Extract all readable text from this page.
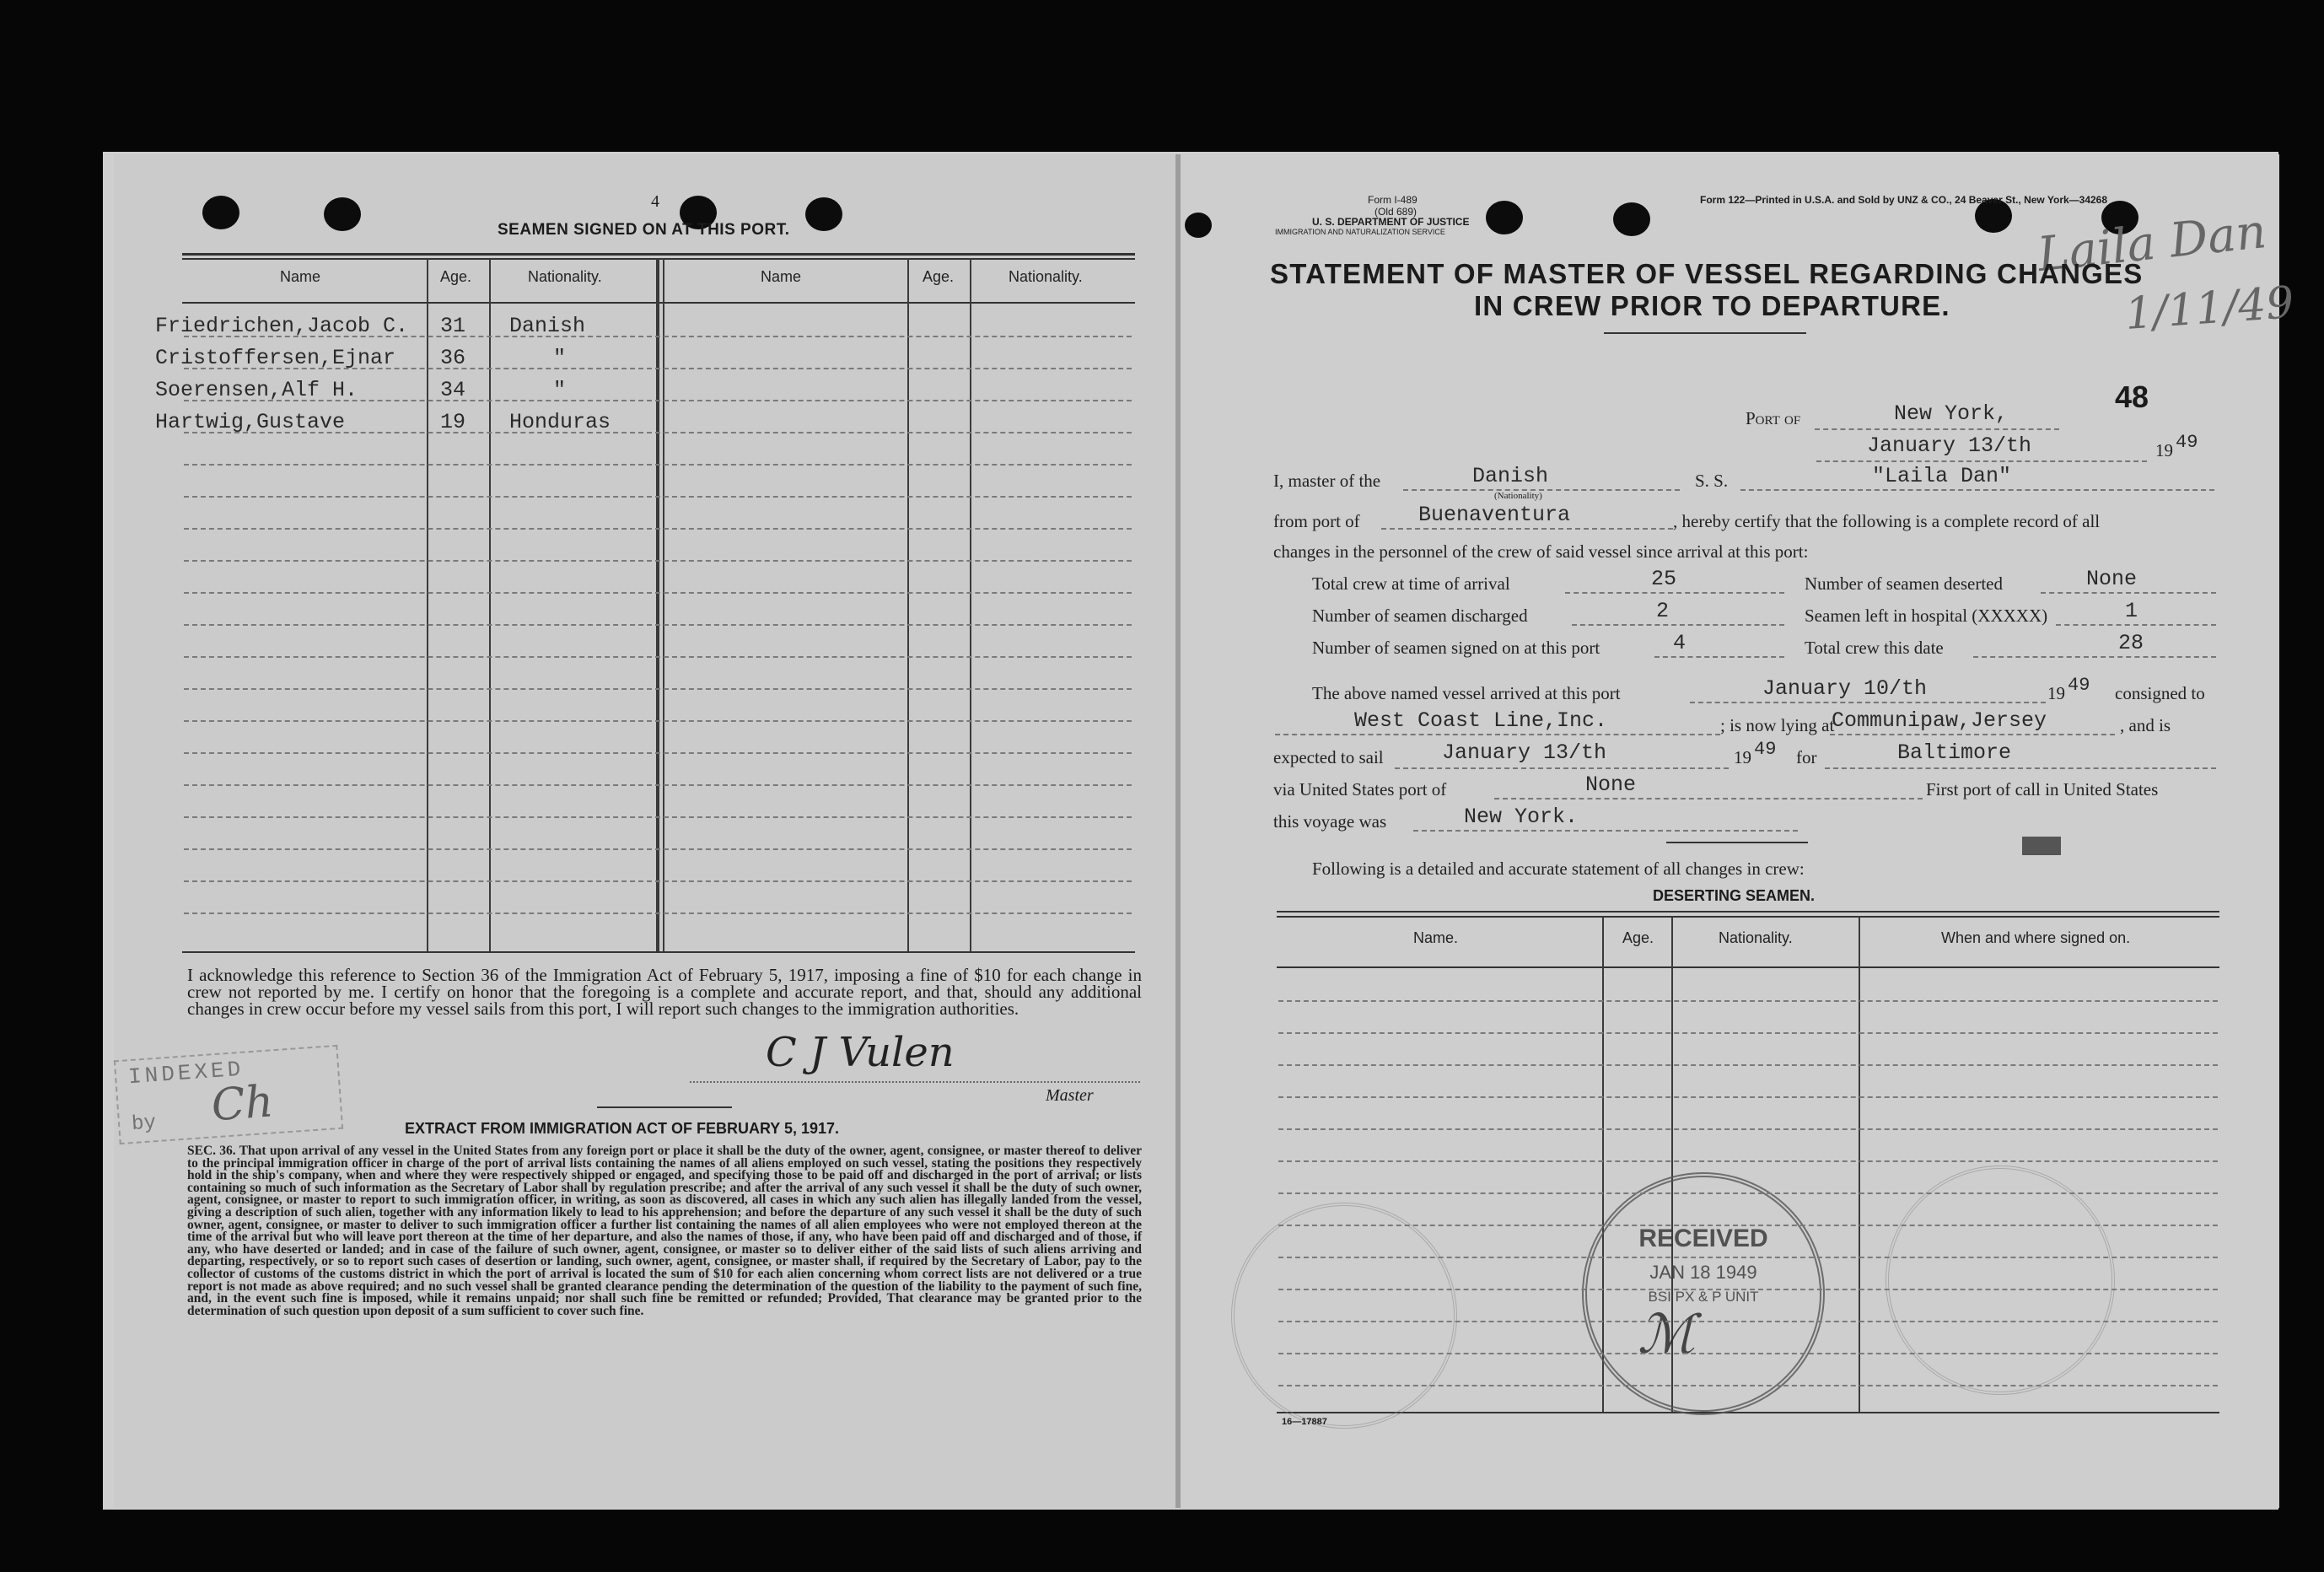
4
SEAMEN SIGNED ON AT THIS PORT.
Name	Age.	Nationality.	Name	Age.	Nationality.
Friedrichen,Jacob C. 31 Danish
Cristoffersen,Ejnar 36	"
Soerensen,Alf H.	34	"
Hartwig,Gustave	19 Honduras
I acknowledge this reference to Section 36 of the Immigration Act of February 5, 1917, imposing a fine of $10 for each change in crew not reported by me. I certify on honor that the foregoing is a complete and accurate report, and that, should any additional changes in crew occur before my vessel sails from this port, I will report such changes to the immigration authorities.
C J Vulen
Master
INDEXED
by Ch	EXTRACT FROM IMMIGRATION ACT OF FEBRUARY 5, 1917.
SEC. 36. That upon arrival of any vessel in the United States from any foreign port or place it shall be the duty of the owner, agent, consignee, or master thereof to deliver to the principal immigration officer in charge of the port of arrival lists containing the names of all aliens employed on such vessel, stating the positions they respectively hold in the ship's company, when and where they were respectively shipped or engaged, and specifying those to be paid off and discharged in the port of arrival; or lists containing so much of such information as the Secretary of Labor shall by regulation prescribe; and after the arrival of any such vessel it shall be the duty of such owner, agent, consignee, or master to report to such immigration officer, in writing, as soon as discovered, all cases in which any such alien has illegally landed from the vessel, giving a description of such alien, together with any information likely to lead to his apprehension; and before the departure of any such vessel it shall be the duty of such owner, agent, consignee, or master to deliver to such immigration officer a further list containing the names of all alien employees who were not employed thereon at the time of the arrival but who will leave port thereon at the time of her departure, and also the names of those, if any, who have been paid off and discharged and of those, if any, who have deserted or landed; and in case of the failure of such owner, agent, consignee, or master so to deliver either of the said lists of such aliens arriving and departing, respectively, or so to report such cases of desertion or landing, such owner, agent, consignee, or master shall, if required by the Secretary of Labor, pay to the collector of customs of the customs district in which the port of arrival is located the sum of $10 for each alien concerning whom correct lists are not delivered or a true report is not made as above required; and no such vessel shall be granted clearance pending the determination of the question of the liability to the payment of such fine, and, in the event such fine is imposed, while it remains unpaid; nor shall such fine be remitted or refunded; Provided, That clearance may be granted prior to the determination of such question upon deposit of a sum sufficient to cover such fine.
Form I-489
(Old 689)
U. S. DEPARTMENT OF JUSTICE
IMMIGRATION AND NATURALIZATION SERVICE
Form 122—Printed in U.S.A. and Sold by UNZ & CO., 24 Beaver St., New York—34268
Laila Dan
1/11/49
STATEMENT OF MASTER OF VESSEL REGARDING CHANGES
IN CREW PRIOR TO DEPARTURE.
48
Port of	New York,
January 13/th	19 49
I, master of the	Danish
(Nationality)
S. S.	"Laila Dan"
from port of	Buenaventura	, hereby certify that the following is a complete record of all
changes in the personnel of the crew of said vessel since arrival at this port:
Total crew at time of arrival	25	Number of seamen deserted	None
Number of seamen discharged	2	Seamen left in hospital (XXXXX)	1
Number of seamen signed on at this port	4	Total crew this date	28
The above named vessel arrived at this port	January 10/th	19 49 consigned to
West Coast Line,Inc.	; is now lying at
Communipaw,Jersey	, and is
expected to sail	January 13/th	19 49 for	Baltimore
via United States port of	None	First port of call in United States
this voyage was	New York.
Following is a detailed and accurate statement of all changes in crew:
DESERTING SEAMEN.
Name.	Age.	Nationality.	When and where signed on.
RECEIVED
JAN 18 1949
BSI PX & P UNIT
ℳ
16—17887
